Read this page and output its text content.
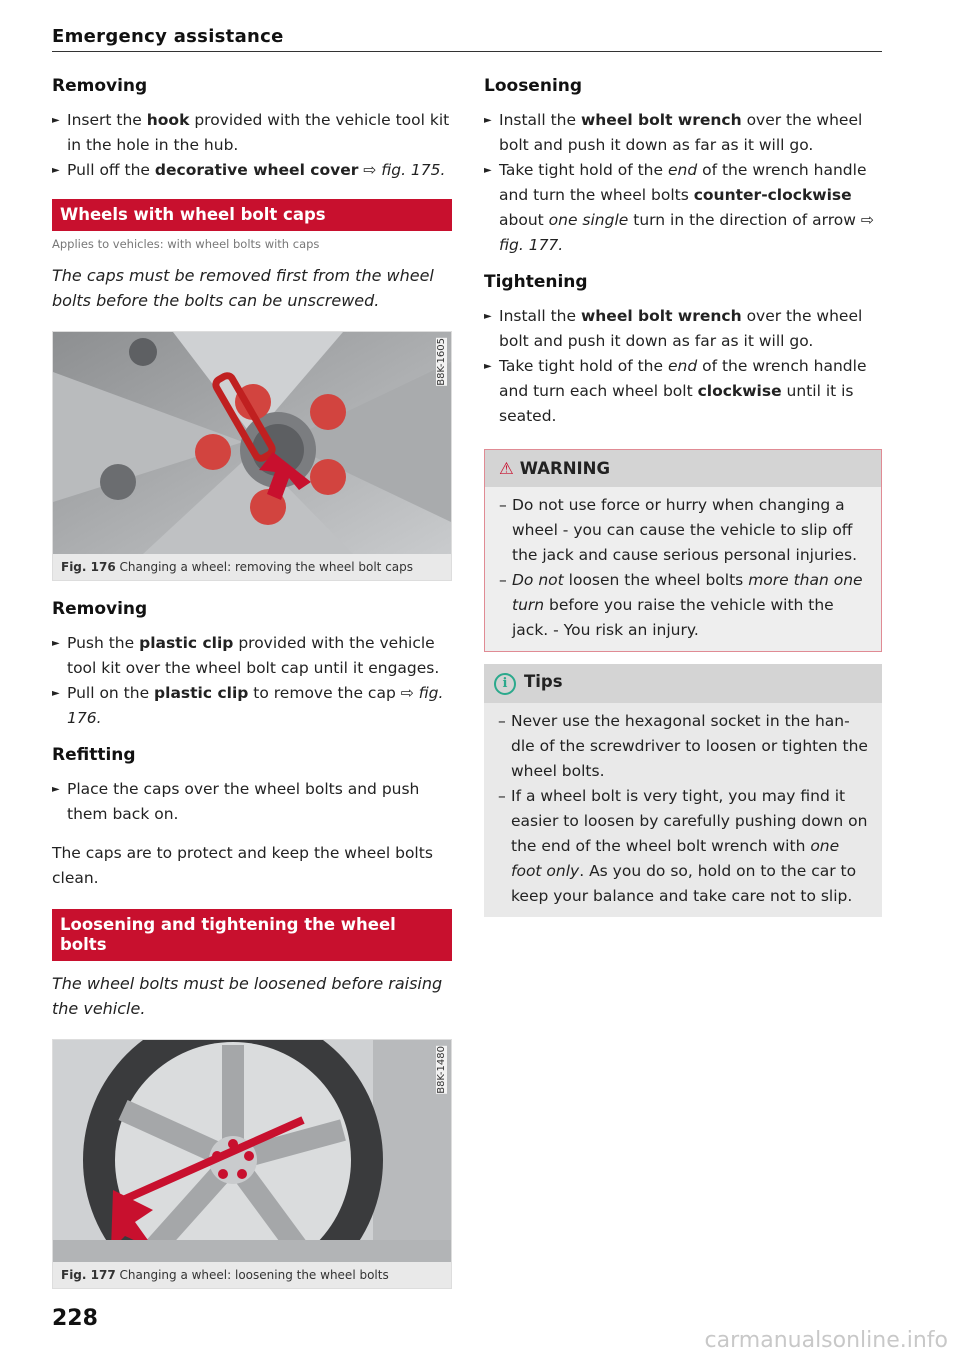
Emergency assistance
Removing
► Insert the hook provided with the vehicle tool kit in the hole in the hub.
► Pull off the decorative wheel cover ⇨ fig. 175.
Wheels with wheel bolt caps
Applies to vehicles: with wheel bolts with caps
The caps must be removed first from the wheel bolts before the bolts can be unscrewed.
B8K-1605
Fig. 176 Changing a wheel: removing the wheel bolt caps
Removing
► Push the plastic clip provided with the vehicle tool kit over the wheel bolt cap until it engages.
► Pull on the plastic clip to remove the cap ⇨ fig. 176.
Refitting
► Place the caps over the wheel bolts and push them back on.

The caps are to protect and keep the wheel bolts clean.

Loosening and tightening the wheel bolts
The wheel bolts must be loosened before raising the vehicle.
B8K-1480
Fig. 177 Changing a wheel: loosening the wheel bolts
Loosening
► Install the wheel bolt wrench over the wheel bolt and push it down as far as it will go.
► Take tight hold of the end of the wrench handle and turn the wheel bolts counter-clockwise about one single turn in the direction of arrow ⇨ fig. 177.
Tightening
► Install the wheel bolt wrench over the wheel bolt and push it down as far as it will go.
► Take tight hold of the end of the wrench handle and turn each wheel bolt clockwise until it is seated.
⚠ WARNING
– Do not use force or hurry when changing a wheel - you can cause the vehicle to slip off the jack and cause serious personal injuries.
– Do not loosen the wheel bolts more than one turn before you raise the vehicle with the jack. - You risk an injury.
i Tips
– Never use the hexagonal socket in the han-dle of the screwdriver to loosen or tighten the wheel bolts.
– If a wheel bolt is very tight, you may find it easier to loosen by carefully pushing down on the end of the wheel bolt wrench with one foot only. As you do so, hold on to the car to keep your balance and take care not to slip.
228
carmanualsonline.info
